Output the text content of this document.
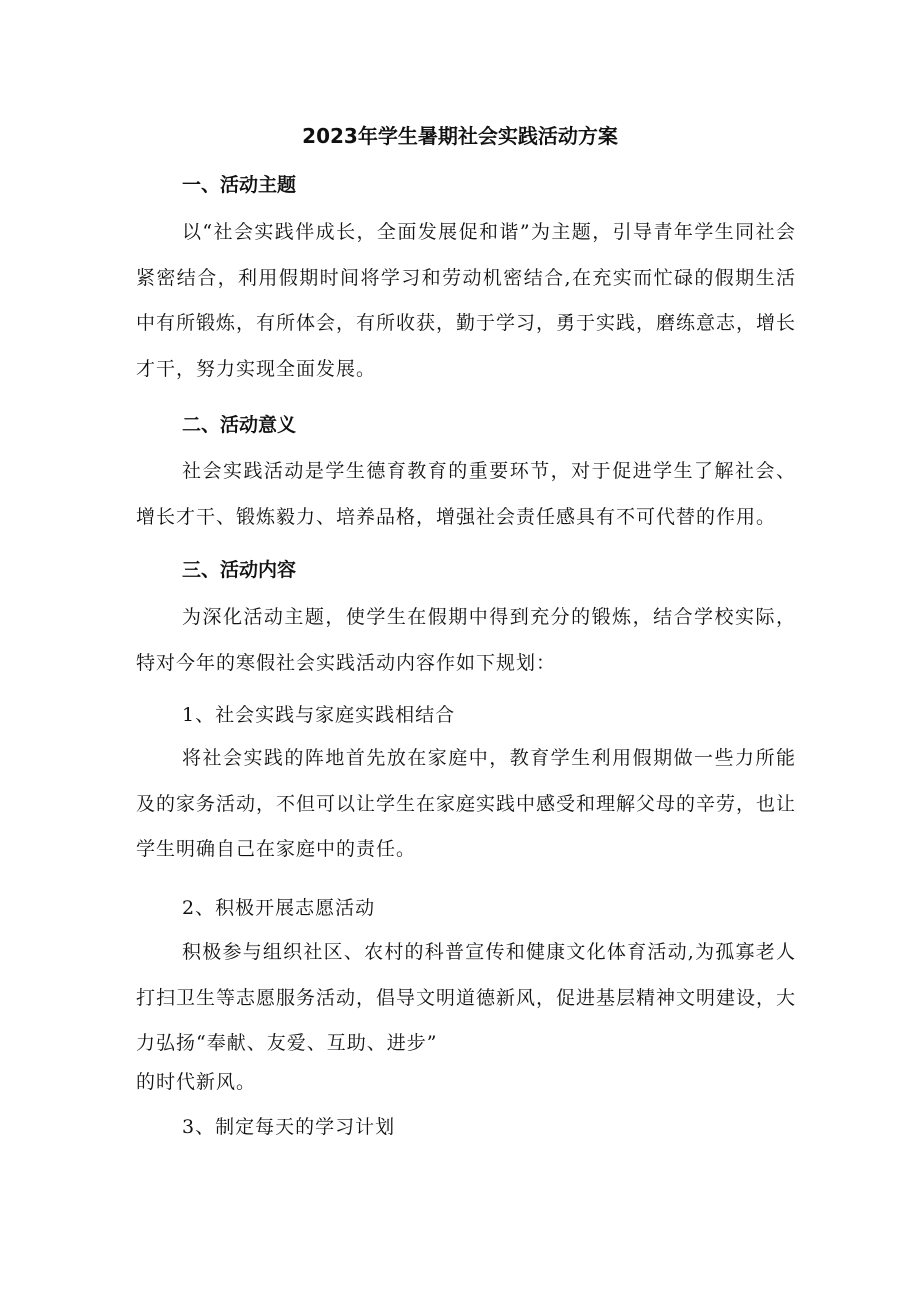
2023年学生暑期社会实践活动方案
一、活动主题
以“社会实践伴成长，全面发展促和谐”为主题，引导青年学生同社会紧密结合，利用假期时间将学习和劳动机密结合,在充实而忙碌的假期生活中有所锻炼，有所体会，有所收获，勤于学习，勇于实践，磨练意志，增长才干，努力实现全面发展。
二、活动意义
社会实践活动是学生德育教育的重要环节，对于促进学生了解社会、增长才干、锻炼毅力、培养品格，增强社会责任感具有不可代替的作用。
三、活动内容
为深化活动主题，使学生在假期中得到充分的锻炼，结合学校实际，特对今年的寒假社会实践活动内容作如下规划：
1、社会实践与家庭实践相结合
将社会实践的阵地首先放在家庭中，教育学生利用假期做一些力所能及的家务活动，不但可以让学生在家庭实践中感受和理解父母的辛劳，也让学生明确自己在家庭中的责任。
2、积极开展志愿活动
积极参与组织社区、农村的科普宣传和健康文化体育活动,为孤寡老人打扫卫生等志愿服务活动，倡导文明道德新风，促进基层精神文明建设，大力弘扬“奉献、友爱、互助、进步”
的时代新风。
3、制定每天的学习计划
